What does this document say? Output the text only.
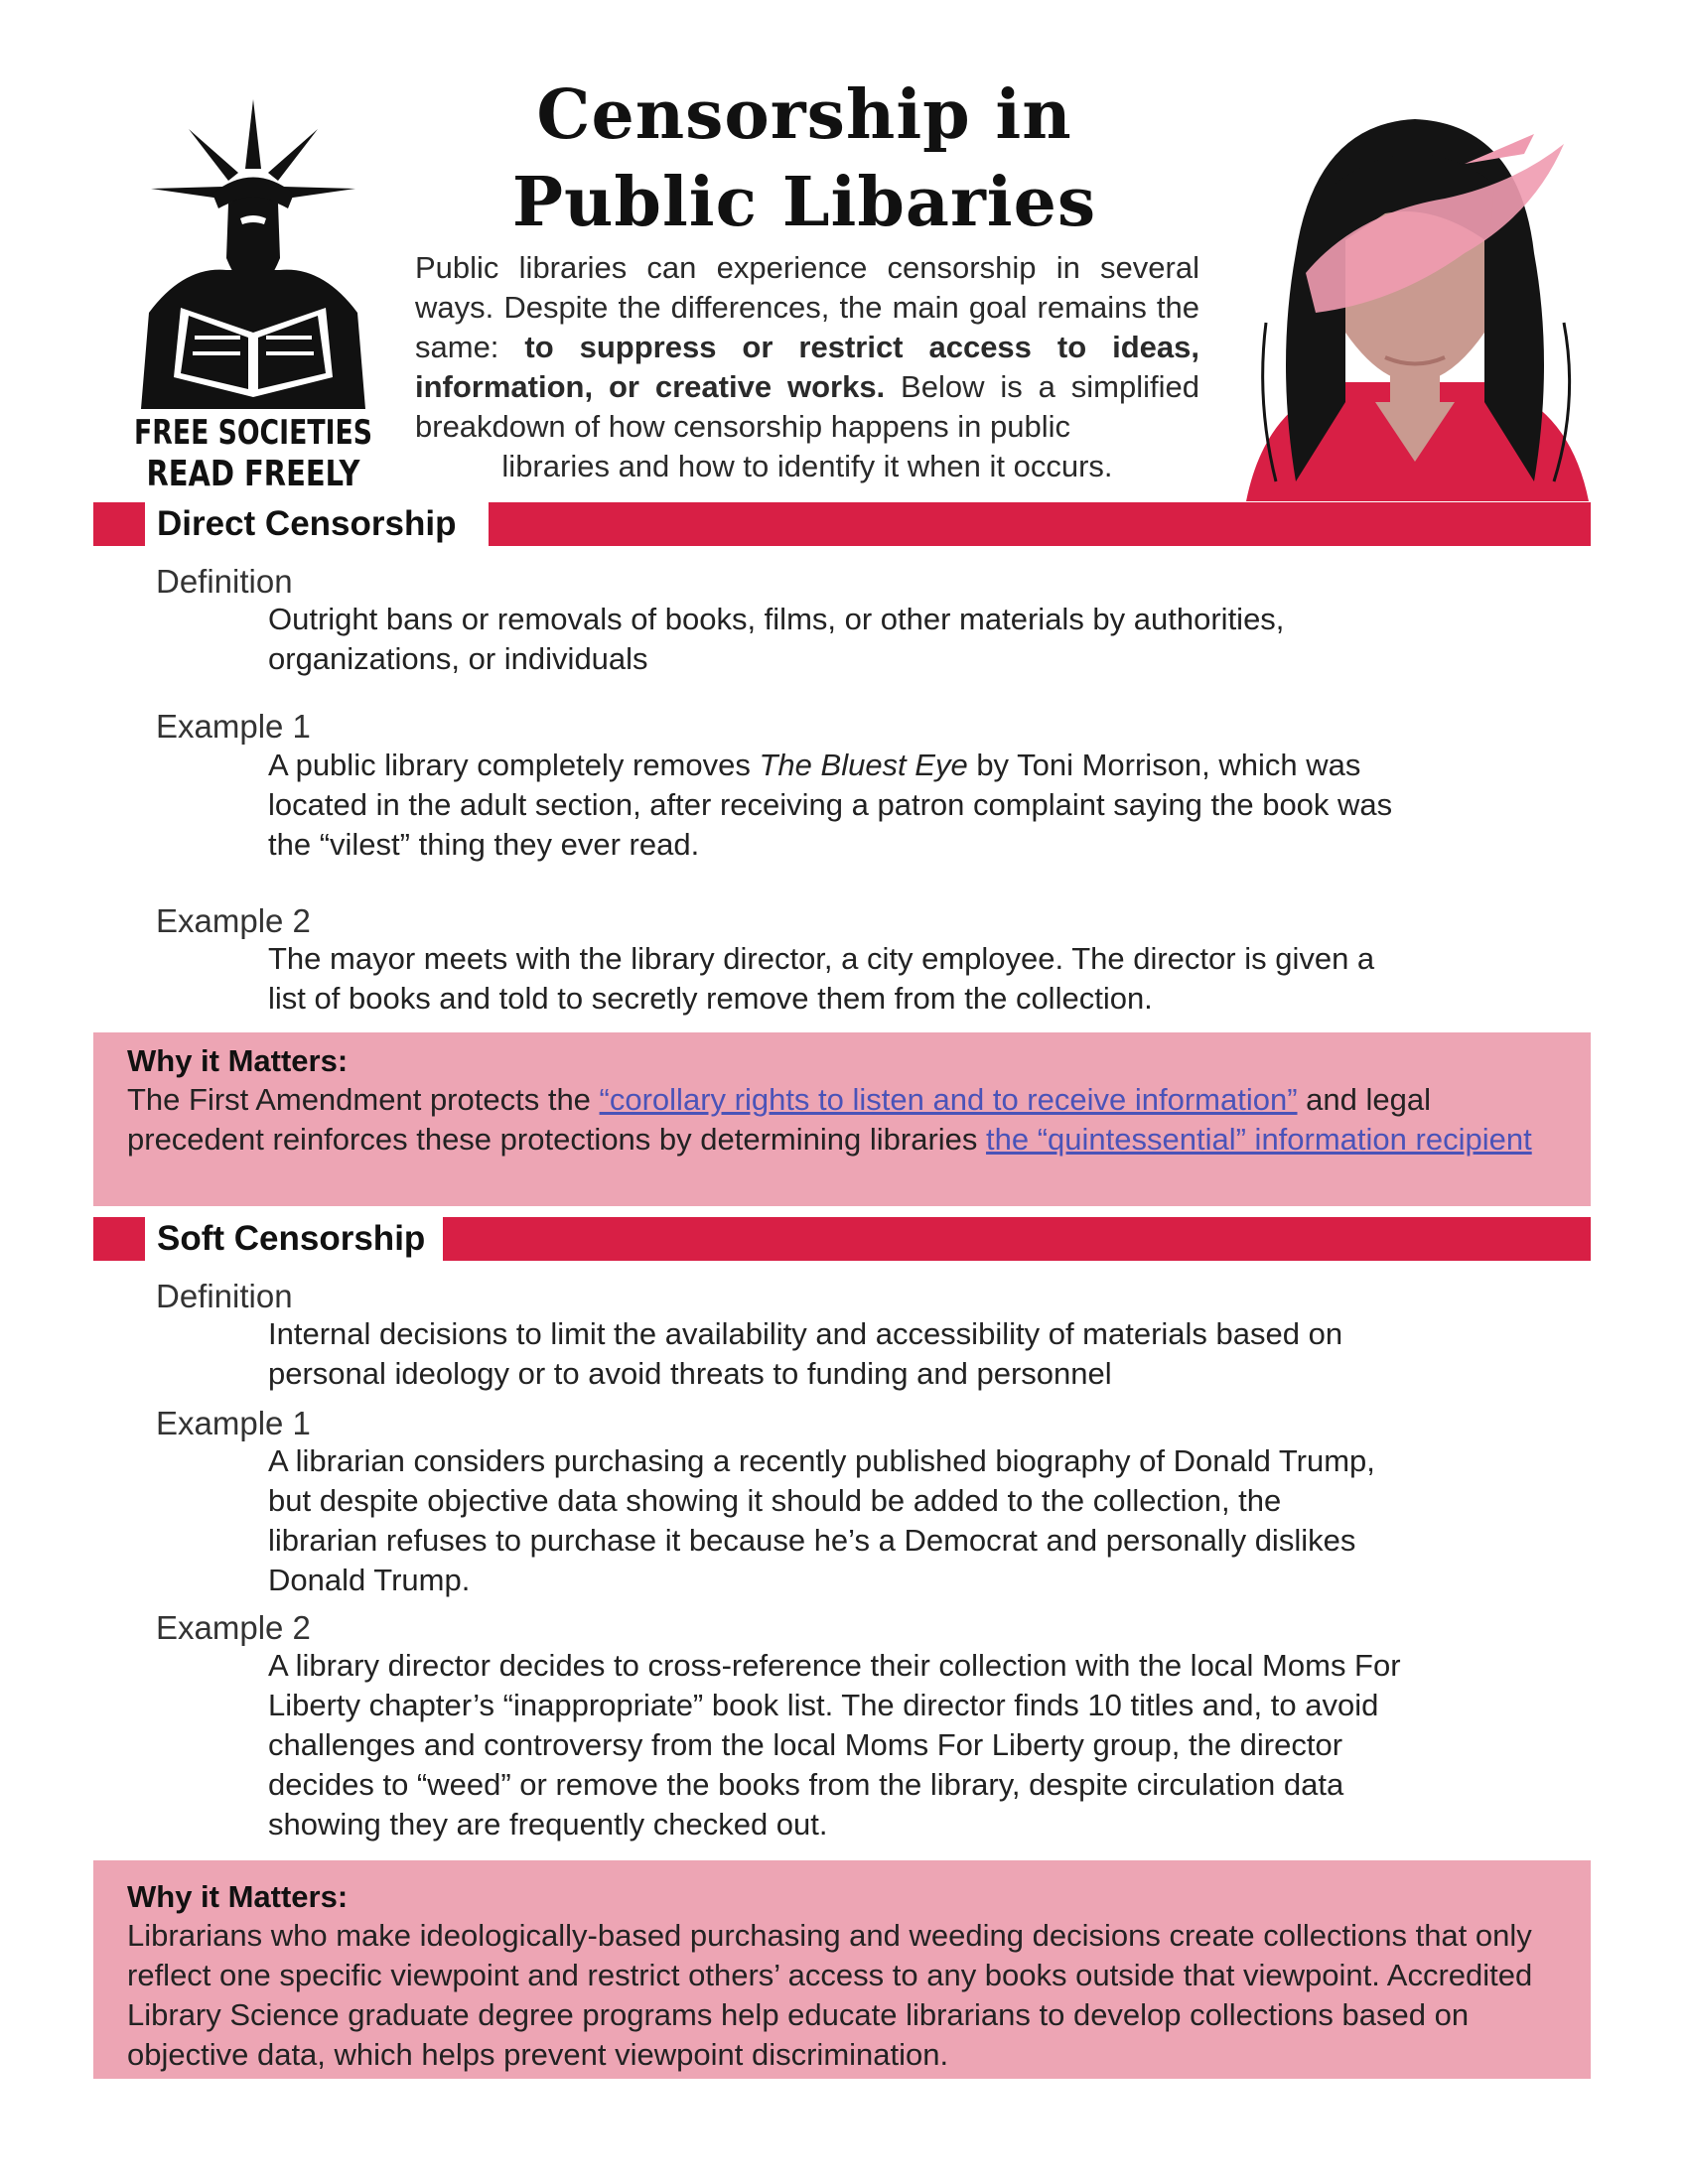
FREE SOCIETIES
READ FREELY
Censorship in
Public Libaries

Public libraries can experience censorship in several ways. Despite the differences, the main goal remains the same: to suppress or restrict access to ideas, information, or creative works. Below is a simplified breakdown of how censorship happens in public
libraries and how to identify it when it occurs.

Direct Censorship

Definition

Outright bans or removals of books, films, or other materials by authorities, organizations, or individuals

Example 1

A public library completely removes The Bluest Eye by Toni Morrison, which was located in the adult section, after receiving a patron complaint saying the book was the “vilest” thing they ever read.

Example 2

The mayor meets with the library director, a city employee. The director is given a list of books and told to secretly remove them from the collection.

Why it Matters:

The First Amendment protects the “corollary rights to listen and to receive information” and legal precedent reinforces these protections by determining libraries the “quintessential” information recipient

Soft Censorship

Definition

Internal decisions to limit the availability and accessibility of materials based on personal ideology or to avoid threats to funding and personnel

Example 1

A librarian considers purchasing a recently published biography of Donald Trump, but despite objective data showing it should be added to the collection, the librarian refuses to purchase it because he’s a Democrat and personally dislikes Donald Trump.

Example 2

A library director decides to cross-reference their collection with the local Moms For Liberty chapter’s “inappropriate” book list. The director finds 10 titles and, to avoid challenges and controversy from the local Moms For Liberty group, the director decides to “weed” or remove the books from the library, despite circulation data showing they are frequently checked out.

Why it Matters:

Librarians who make ideologically-based purchasing and weeding decisions create collections that only reflect one specific viewpoint and restrict others’ access to any books outside that viewpoint. Accredited Library Science graduate degree programs help educate librarians to develop collections based on objective data, which helps prevent viewpoint discrimination.
